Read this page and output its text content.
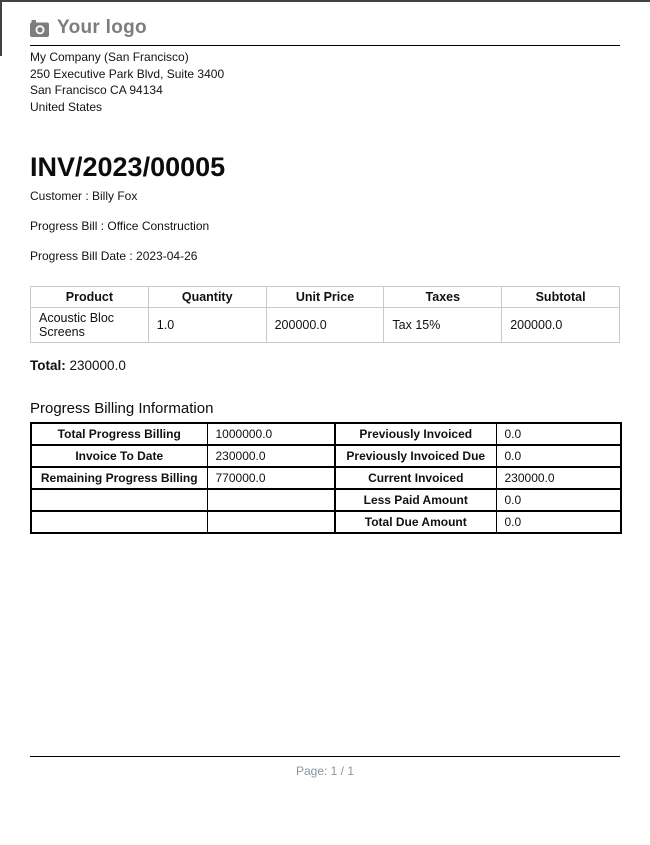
Your logo
My Company (San Francisco)
250 Executive Park Blvd, Suite 3400
San Francisco CA 94134
United States
INV/2023/00005
Customer : Billy Fox
Progress Bill : Office Construction
Progress Bill Date : 2023-04-26
Product	Quantity	Unit Price	Taxes	Subtotal
Acoustic Bloc Screens	1.0	200000.0	Tax 15%	200000.0
Total: 230000.0
Progress Billing Information
Total Progress Billing	1000000.0	Previously Invoiced	0.0
Invoice To Date	230000.0	Previously Invoiced Due	0.0
Remaining Progress Billing	770000.0	Current Invoiced	230000.0
		Less Paid Amount	0.0
		Total Due Amount	0.0
Page: 1 / 1
